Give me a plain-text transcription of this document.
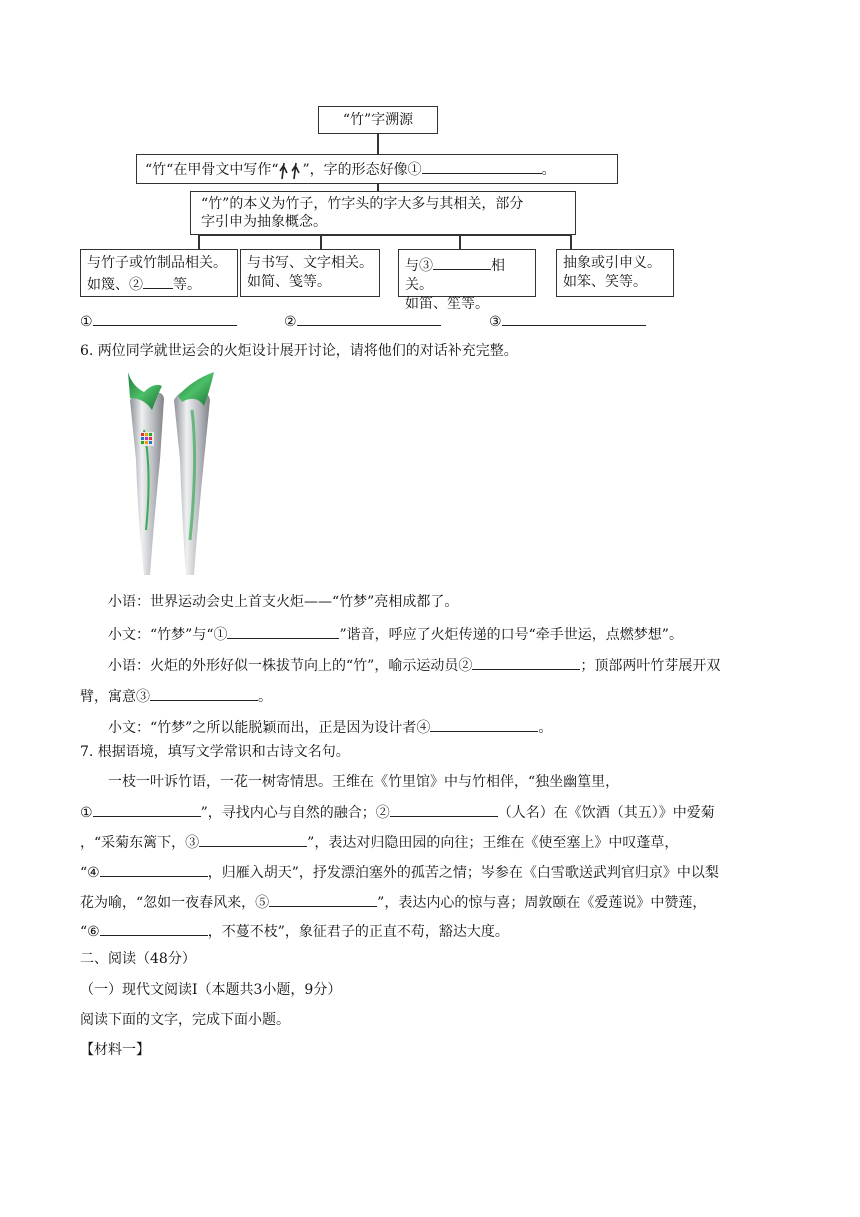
“竹”字溯源
“竹“在甲骨文中写作“ ”，字的形态好像①	。
“竹”的本义为竹子，竹字头的字大多与其相关，部分
字引申为抽象概念。
与竹子或竹制品相关。
如篾、② 等。
与书写、文字相关。
如简、笺等。
与③	相关。
如笛、笙等。
抽象或引申义。
如笨、笑等。
①	②	③
6. 两位同学就世运会的火炬设计展开讨论，请将他们的对话补充完整。
小语：世界运动会史上首支火炬——“竹梦”亮相成都了。
小文：“竹梦”与“①	”谐音，呼应了火炬传递的口号“牵手世运，点燃梦想”。
小语：火炬的外形好似一株拔节向上的“竹”，喻示运动员②	；顶部两叶竹芽展开双
臂，寓意③	。
小文：“竹梦”之所以能脱颖而出，正是因为设计者④	。
7. 根据语境，填写文学常识和古诗文名句。
一枝一叶诉竹语，一花一树寄情思。王维在《竹里馆》中与竹相伴，“独坐幽篁里，
①	”，寻找内心与自然的融合；②	（人名）在《饮酒（其五）》中爱菊
，“采菊东篱下，③	”，表达对归隐田园的向往；王维在《使至塞上》中叹蓬草，
“④	，归雁入胡天”，抒发漂泊塞外的孤苦之情；岑参在《白雪歌送武判官归京》中以梨
花为喻，“忽如一夜春风来，⑤	”，表达内心的惊与喜；周敦颐在《爱莲说》中赞莲，
“⑥	，不蔓不枝”，象征君子的正直不苟，豁达大度。
二、阅读（48分）
（一）现代文阅读Ⅰ（本题共3小题，9分）
阅读下面的文字，完成下面小题。
【材料一】
